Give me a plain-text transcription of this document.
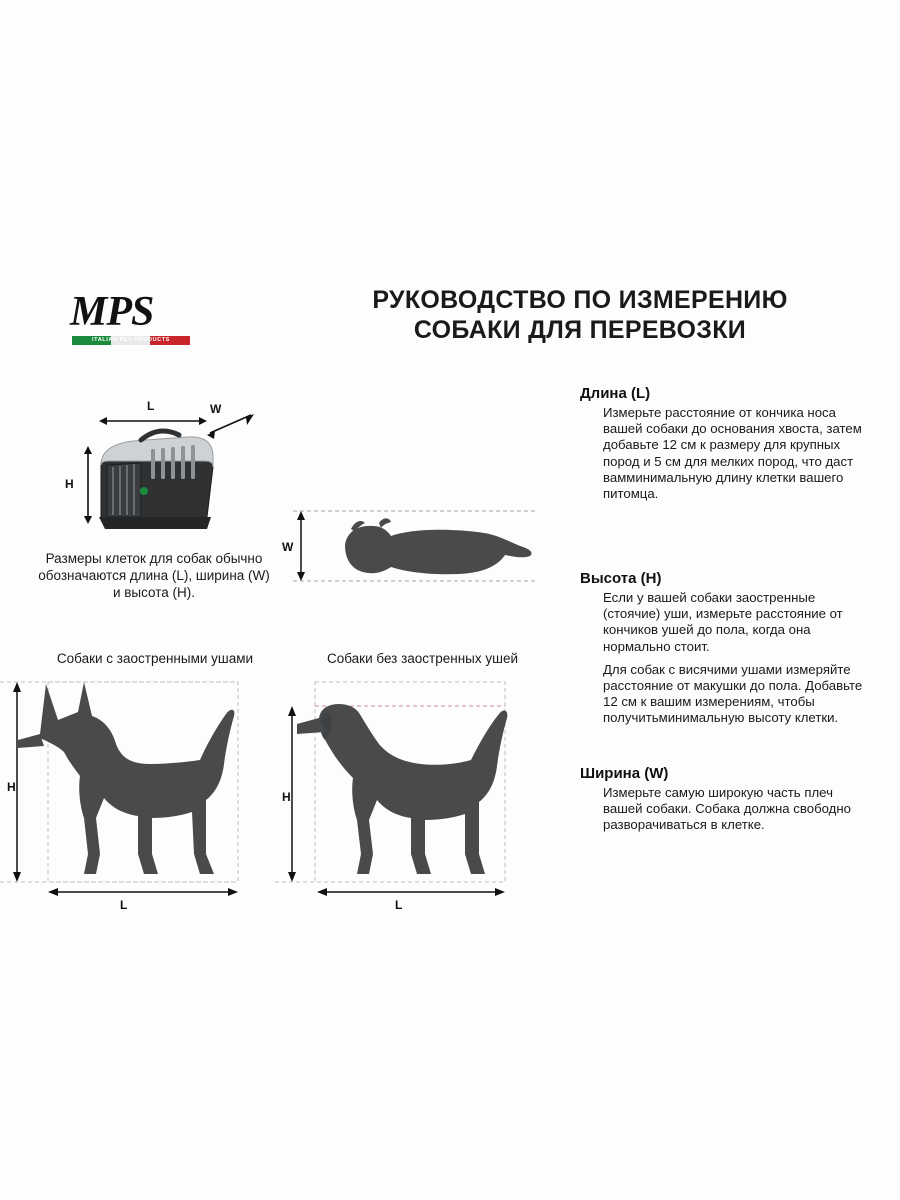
MPS
ITALIAN PET PRODUCTS
РУКОВОДСТВО ПО ИЗМЕРЕНИЮ
СОБАКИ ДЛЯ ПЕРЕВОЗКИ
L	W
H
Размеры клеток для собак обычно обозначаются длина (L), ширина (W) и высота (H).
W
Собаки с заостренными ушами
H
L
Собаки без заостренных ушей
H
L
Длина (L)

Измерьте расстояние от кончика носа вашей собаки до основания хвоста, затем добавьте 12 см к размеру для крупных пород и 5 см для мелких пород, что даст вамминимальную длину клетки вашего питомца.

Высота (H)

Если у вашей собаки заостренные (стоячие) уши, измерьте расстояние от кончиков ушей до пола, когда она нормально стоит.

Для собак с висячими ушами измеряйте расстояние от макушки до пола. Добавьте 12 см к вашим измерениям, чтобы получитьминимальную высоту клетки.

Ширина (W)

Измерьте самую широкую часть плеч вашей собаки. Собака должна свободно разворачиваться в клетке.
